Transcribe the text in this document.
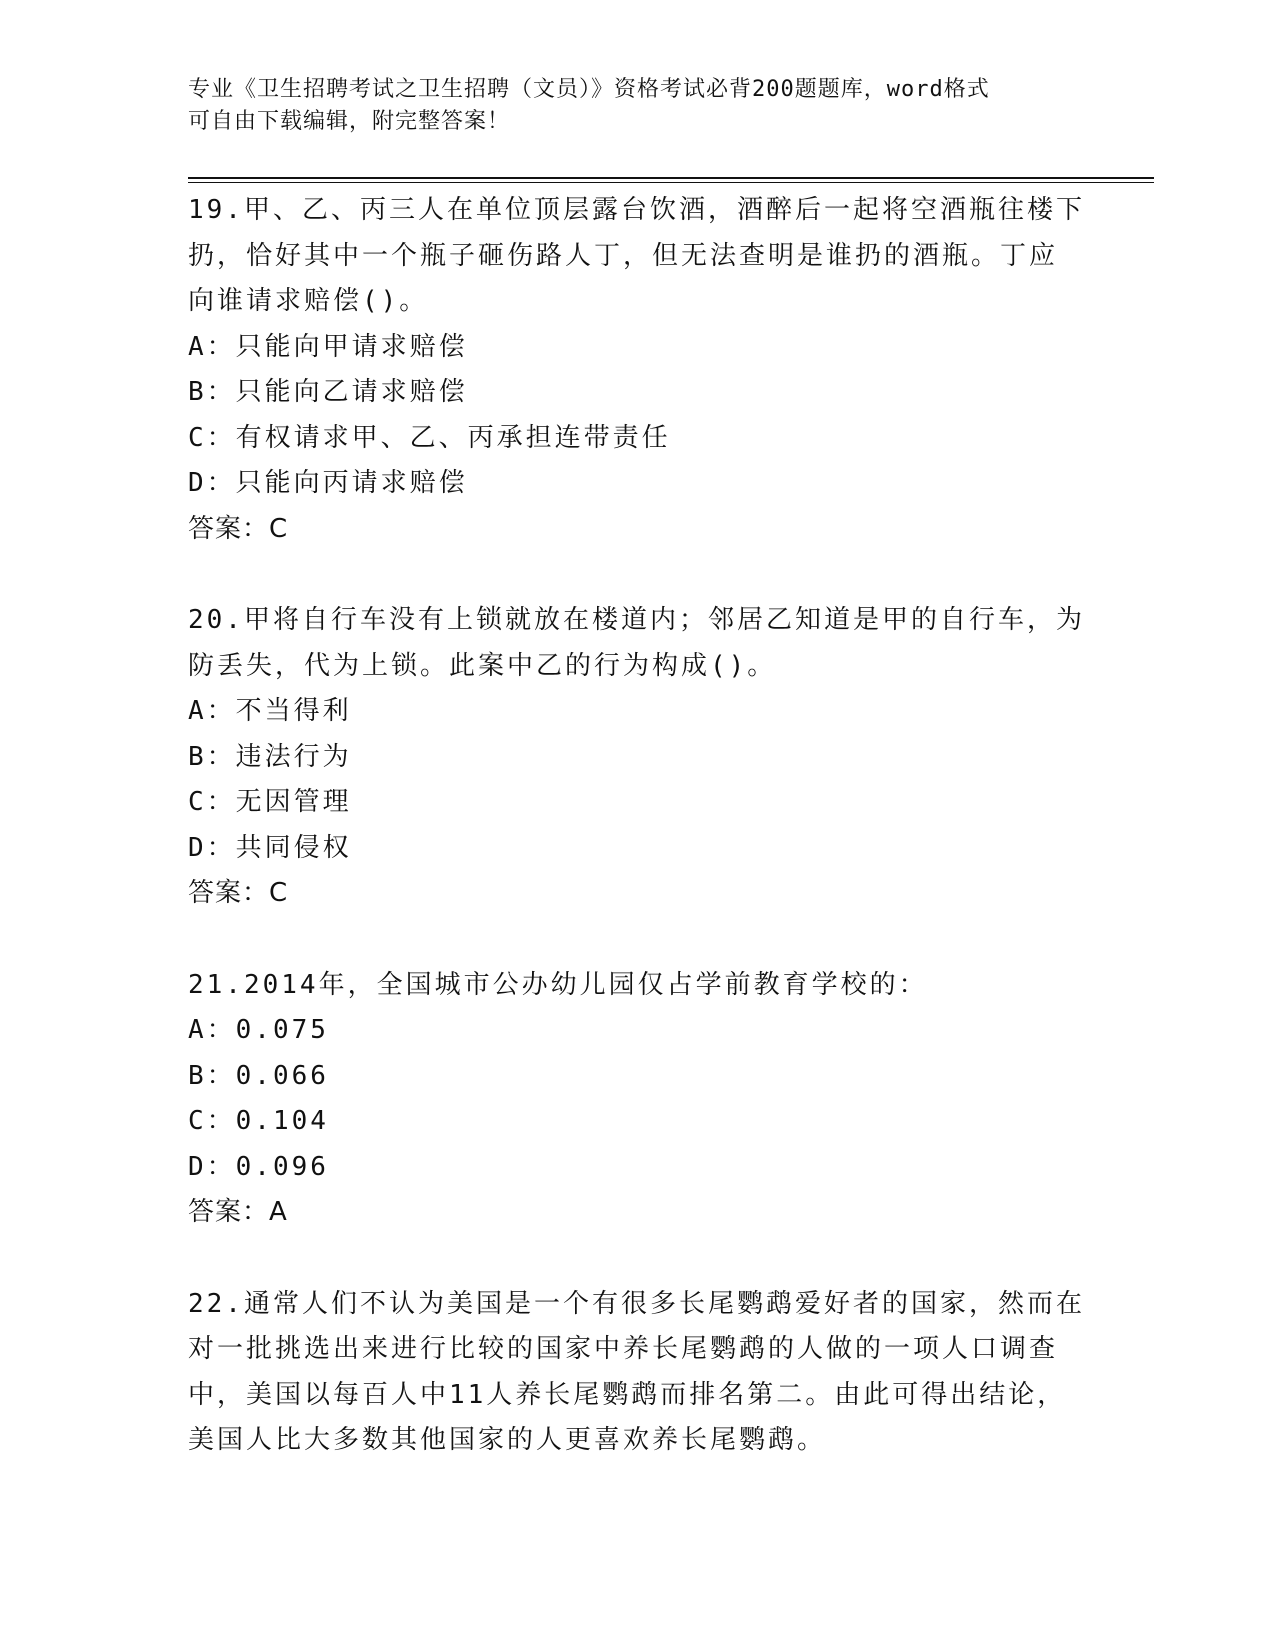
专业《卫生招聘考试之卫生招聘（文员）》资格考试必背200题题库，word格式
可自由下载编辑，附完整答案！
19.甲、乙、丙三人在单位顶层露台饮酒，酒醉后一起将空酒瓶往楼下
扔，恰好其中一个瓶子砸伤路人丁，但无法查明是谁扔的酒瓶。丁应
向谁请求赔偿()。
A：只能向甲请求赔偿
B：只能向乙请求赔偿
C：有权请求甲、乙、丙承担连带责任
D：只能向丙请求赔偿
答案：C
20.甲将自行车没有上锁就放在楼道内；邻居乙知道是甲的自行车，为
防丢失，代为上锁。此案中乙的行为构成()。
A：不当得利
B：违法行为
C：无因管理
D：共同侵权
答案：C
21.2014年，全国城市公办幼儿园仅占学前教育学校的：
A：0.075
B：0.066
C：0.104
D：0.096
答案：A
22.通常人们不认为美国是一个有很多长尾鹦鹉爱好者的国家，然而在
对一批挑选出来进行比较的国家中养长尾鹦鹉的人做的一项人口调查
中，美国以每百人中11人养长尾鹦鹉而排名第二。由此可得出结论，
美国人比大多数其他国家的人更喜欢养长尾鹦鹉。
